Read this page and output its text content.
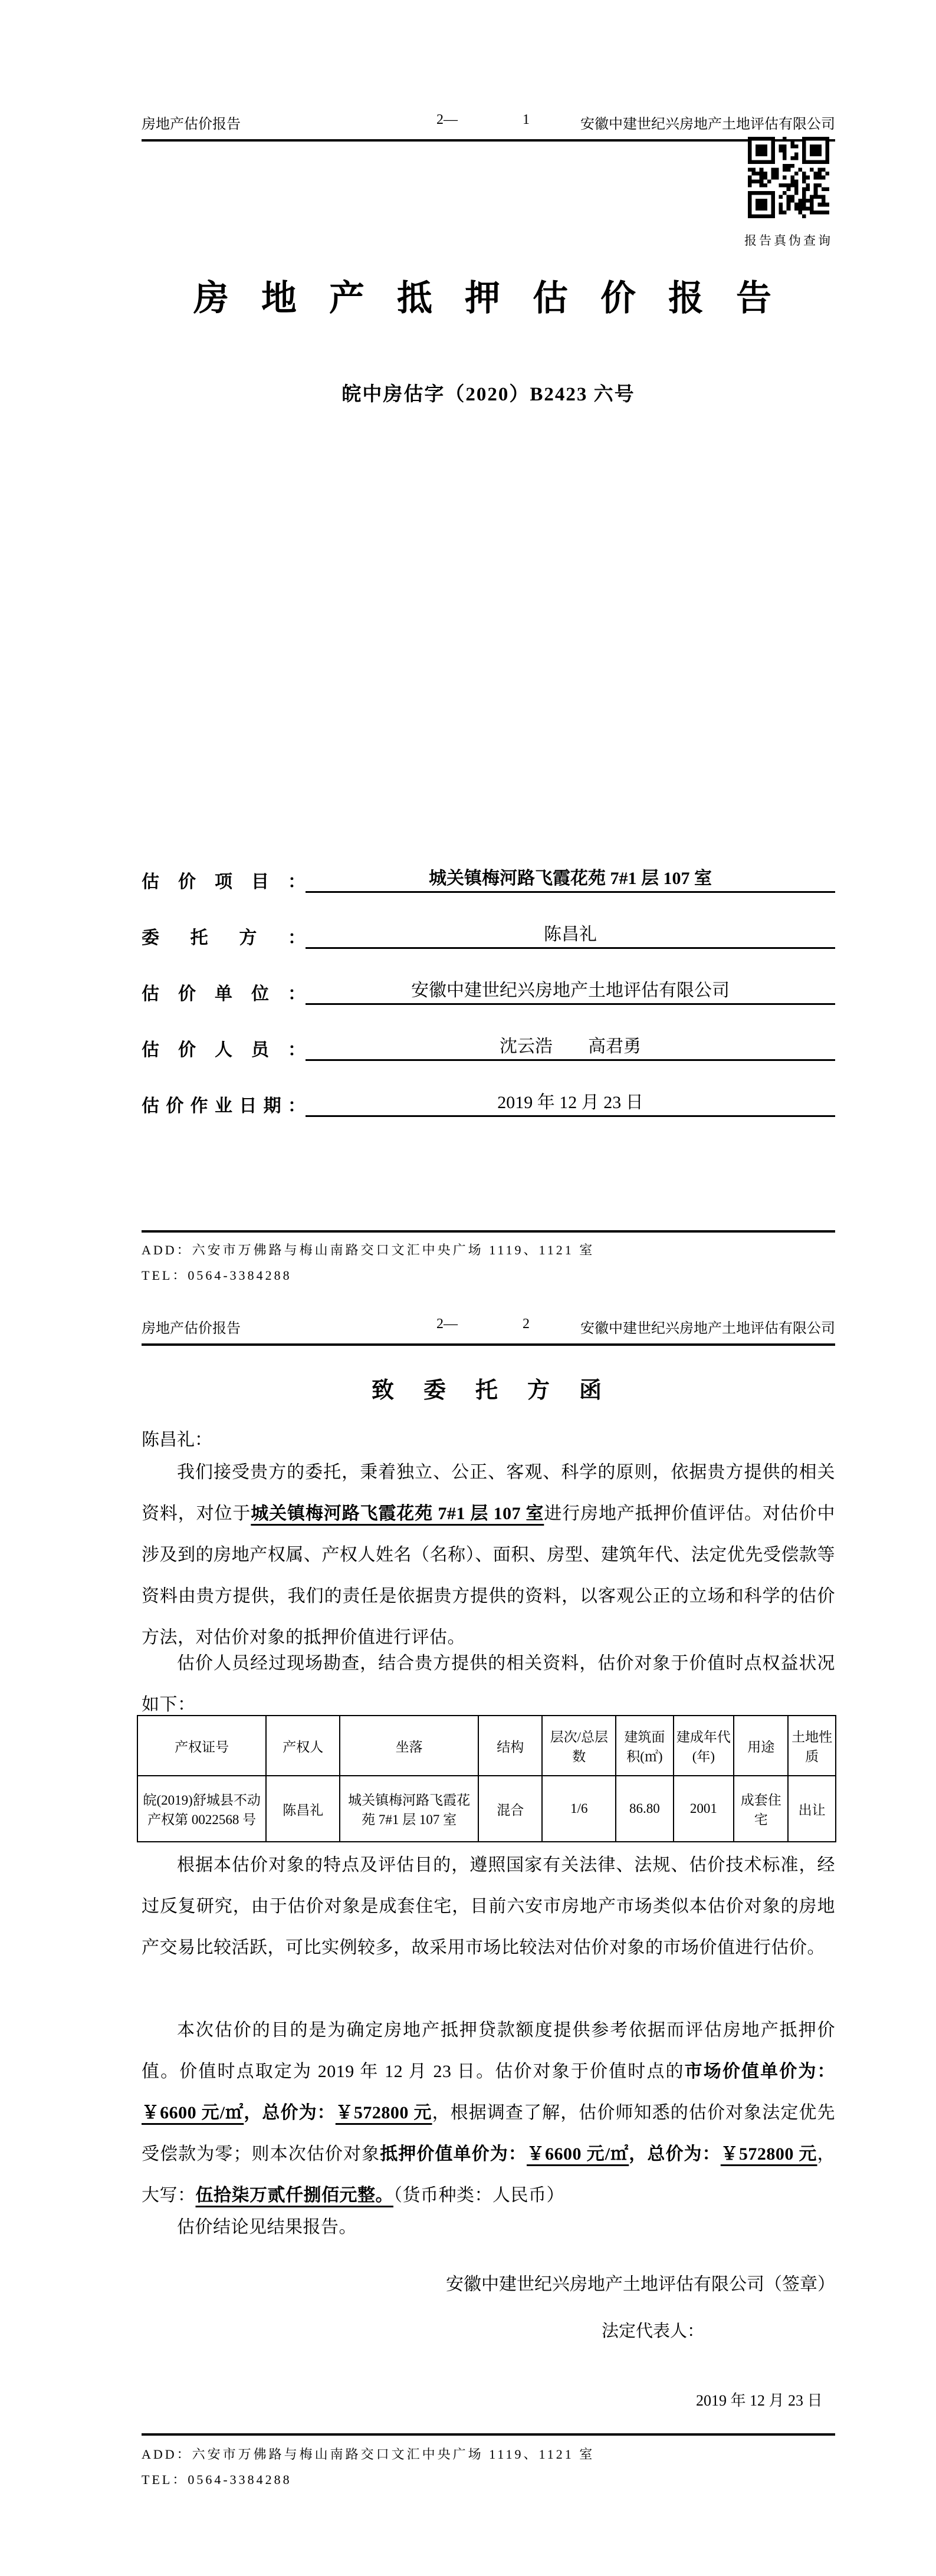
房地产估价报告	2—	1	安徽中建世纪兴房地产土地评估有限公司
报告真伪查询
房 地 产 抵 押 估 价 报 告
皖中房估字（2020）B2423 六号
估价项目：	城关镇梅河路飞霞花苑 7#1 层 107 室
委托方：	陈昌礼
估价单位：	安徽中建世纪兴房地产土地评估有限公司
估价人员：	沈云浩　　高君勇
估价作业日期：	2019 年 12 月 23 日
ADD：六安市万佛路与梅山南路交口文汇中央广场 1119、1121 室
TEL：0564-3384288
房地产估价报告	2—	2	安徽中建世纪兴房地产土地评估有限公司
致　委　托　方　函
陈昌礼：
我们接受贵方的委托，秉着独立、公正、客观、科学的原则，依据贵方提供的相关资料，对位于城关镇梅河路飞霞花苑 7#1 层 107 室进行房地产抵押价值评估。对估价中涉及到的房地产权属、产权人姓名（名称）、面积、房型、建筑年代、法定优先受偿款等资料由贵方提供，我们的责任是依据贵方提供的资料，以客观公正的立场和科学的估价方法，对估价对象的抵押价值进行评估。
估价人员经过现场勘查，结合贵方提供的相关资料，估价对象于价值时点权益状况如下：
产权证号	产权人	坐落	结构	层次/总层数	建筑面积(㎡)	建成年代(年)	用途	土地性质
皖(2019)舒城县不动产权第 0022568 号	陈昌礼	城关镇梅河路飞霞花苑 7#1 层 107 室	混合	1/6	86.80	2001	成套住宅	出让
根据本估价对象的特点及评估目的，遵照国家有关法律、法规、估价技术标准，经过反复研究，由于估价对象是成套住宅，目前六安市房地产市场类似本估价对象的房地产交易比较活跃，可比实例较多，故采用市场比较法对估价对象的市场价值进行估价。
本次估价的目的是为确定房地产抵押贷款额度提供参考依据而评估房地产抵押价值。价值时点取定为 2019 年 12 月 23 日。估价对象于价值时点的市场价值单价为：￥6600 元/㎡，总价为：￥572800 元，根据调查了解，估价师知悉的估价对象法定优先受偿款为零；则本次估价对象抵押价值单价为：￥6600 元/㎡，总价为：￥572800 元，大写：伍拾柒万贰仟捌佰元整。（货币种类：人民币）
估价结论见结果报告。
安徽中建世纪兴房地产土地评估有限公司（签章）
法定代表人：
2019 年 12 月 23 日
ADD：六安市万佛路与梅山南路交口文汇中央广场 1119、1121 室
TEL：0564-3384288
